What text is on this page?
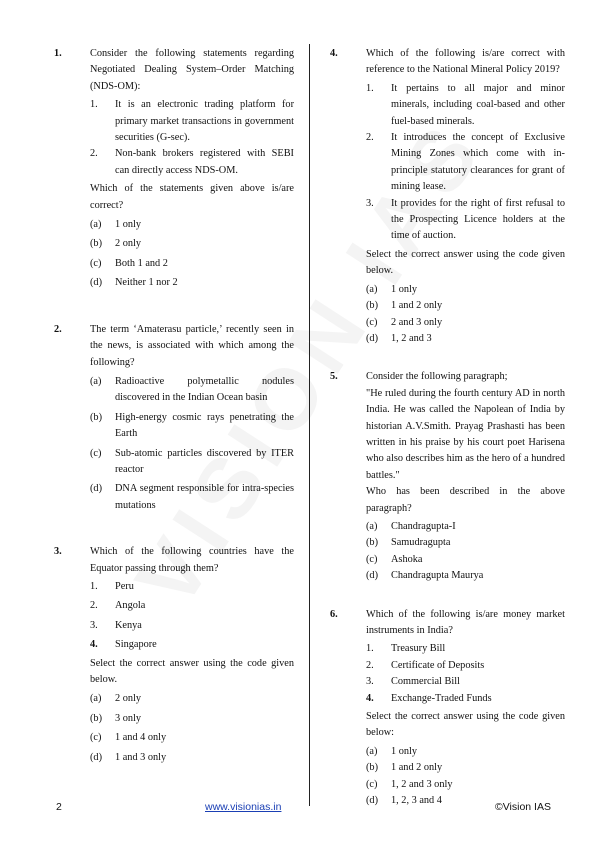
1.	Consider the following statements regarding Negotiated Dealing System–Order Matching (NDS-OM):
1. It is an electronic trading platform for primary market transactions in government securities (G-sec).
2. Non-bank brokers registered with SEBI can directly access NDS-OM.
Which of the statements given above is/are correct?
(a) 1 only
(b) 2 only
(c) Both 1 and 2
(d) Neither 1 nor 2
2.	The term ‘Amaterasu particle,’ recently seen in the news, is associated with which among the following?
(a) Radioactive polymetallic nodules discovered in the Indian Ocean basin
(b) High-energy cosmic rays penetrating the Earth
(c) Sub-atomic particles discovered by ITER reactor
(d) DNA segment responsible for intra-species mutations
3.	Which of the following countries have the Equator passing through them?
1. Peru
2. Angola
3. Kenya
4. Singapore
Select the correct answer using the code given below.
(a) 2 only
(b) 3 only
(c) 1 and 4 only
(d) 1 and 3 only
4.	Which of the following is/are correct with reference to the National Mineral Policy 2019?
1. It pertains to all major and minor minerals, including coal-based and other fuel-based minerals.
2. It introduces the concept of Exclusive Mining Zones which come with in-principle statutory clearances for grant of mining lease.
3. It provides for the right of first refusal to the Prospecting Licence holders at the time of auction.
Select the correct answer using the code given below.
(a) 1 only
(b) 1 and 2 only
(c) 2 and 3 only
(d) 1, 2 and 3
5.	Consider the following paragraph;
"He ruled during the fourth century AD in north India. He was called the Napolean of India by historian A.V.Smith. Prayag Prashasti has been written in his praise by his court poet Harisena who also describes him as the hero of a hundred battles."
Who has been described in the above paragraph?
(a) Chandragupta-I
(b) Samudragupta
(c) Ashoka
(d) Chandragupta Maurya
6.	Which of the following is/are money market instruments in India?
1. Treasury Bill
2. Certificate of Deposits
3. Commercial Bill
4. Exchange-Traded Funds
Select the correct answer using the code given below:
(a) 1 only
(b) 1 and 2 only
(c) 1, 2 and 3 only
(d) 1, 2, 3 and 4
2	www.visionias.in	©Vision IAS
